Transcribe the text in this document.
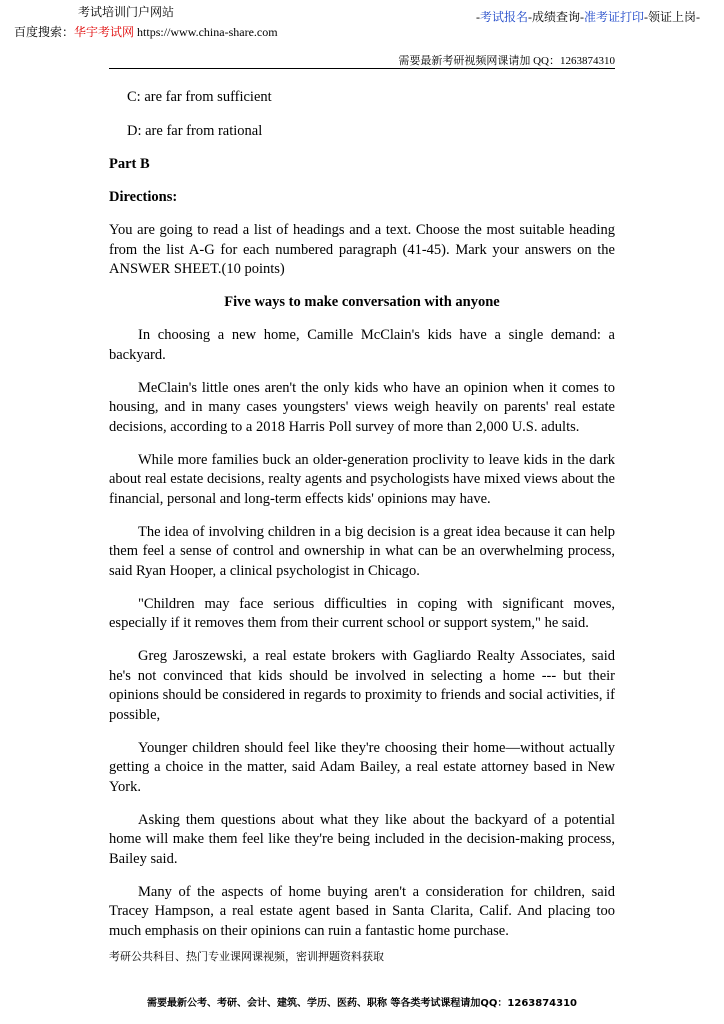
考试培训门户网站
百度搜索：华宇考试网 https://www.china-share.com
-考试报名-成绩查询-准考证打印-领证上岗-
需要最新考研视频网课请加 QQ：1263874310

C: are far from sufficient

D: are far from rational

Part B

Directions:

You are going to read a list of headings and a text. Choose the most suitable heading from the list A-G for each numbered paragraph (41-45). Mark your answers on the ANSWER SHEET.(10 points)

Five ways to make conversation with anyone

In choosing a new home, Camille McClain's kids have a single demand: a backyard.

MeClain's little ones aren't the only kids who have an opinion when it comes to housing, and in many cases youngsters' views weigh heavily on parents' real estate decisions, according to a 2018 Harris Poll survey of more than 2,000 U.S. adults.

While more families buck an older-generation proclivity to leave kids in the dark about real estate decisions, realty agents and psychologists have mixed views about the financial, personal and long-term effects kids' opinions may have.

The idea of involving children in a big decision is a great idea because it can help them feel a sense of control and ownership in what can be an overwhelming process, said Ryan Hooper, a clinical psychologist in Chicago.

"Children may face serious difficulties in coping with significant moves, especially if it removes them from their current school or support system," he said.

Greg Jaroszewski, a real estate brokers with Gagliardo Realty Associates, said he's not convinced that kids should be involved in selecting a home --- but their opinions should be considered in regards to proximity to friends and social activities, if possible,

Younger children should feel like they're choosing their home—without actually getting a choice in the matter, said Adam Bailey, a real estate attorney based in New York.

Asking them questions about what they like about the backyard of a potential home will make them feel like they're being included in the decision-making process, Bailey said.

Many of the aspects of home buying aren't a consideration for children, said Tracey Hampson, a real estate agent based in Santa Clarita, Calif. And placing too much emphasis on their opinions can ruin a fantastic home purchase.

考研公共科目、热门专业课网课视频，密训押题资料获取
需要最新公考、考研、会计、建筑、学历、医药、职称 等各类考试课程请加QQ：1263874310
